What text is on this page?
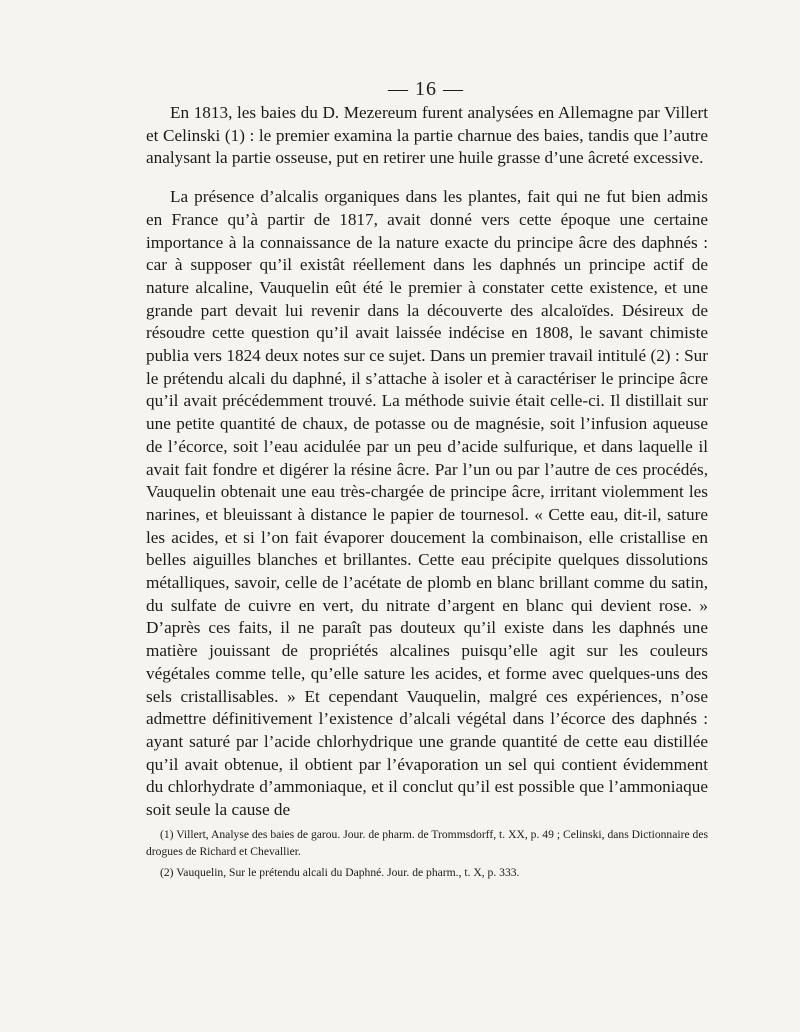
— 16 —

En 1813, les baies du D. Mezereum furent analysées en Allemagne par Villert et Celinski (1) : le premier examina la partie charnue des baies, tandis que l’autre analysant la partie osseuse, put en retirer une huile grasse d’une âcreté excessive.

La présence d’alcalis organiques dans les plantes, fait qui ne fut bien admis en France qu’à partir de 1817, avait donné vers cette époque une certaine importance à la connaissance de la nature exacte du principe âcre des daphnés : car à supposer qu’il existât réellement dans les daphnés un principe actif de nature alcaline, Vauquelin eût été le premier à constater cette existence, et une grande part devait lui revenir dans la découverte des alcaloïdes. Désireux de résoudre cette question qu’il avait laissée indécise en 1808, le savant chimiste publia vers 1824 deux notes sur ce sujet. Dans un premier travail intitulé (2) : Sur le prétendu alcali du daphné, il s’attache à isoler et à caractériser le principe âcre qu’il avait précédemment trouvé. La méthode suivie était celle-ci. Il distillait sur une petite quantité de chaux, de potasse ou de magnésie, soit l’infusion aqueuse de l’écorce, soit l’eau acidulée par un peu d’acide sulfurique, et dans laquelle il avait fait fondre et digérer la résine âcre. Par l’un ou par l’autre de ces procédés, Vauquelin obtenait une eau très-chargée de principe âcre, irritant violemment les narines, et bleuissant à distance le papier de tournesol. « Cette eau, dit-il, sature les acides, et si l’on fait évaporer doucement la combinaison, elle cristallise en belles aiguilles blanches et brillantes. Cette eau précipite quelques dissolutions métalliques, savoir, celle de l’acétate de plomb en blanc brillant comme du satin, du sulfate de cuivre en vert, du nitrate d’argent en blanc qui devient rose. » D’après ces faits, il ne paraît pas douteux qu’il existe dans les daphnés une matière jouissant de propriétés alcalines puisqu’elle agit sur les couleurs végétales comme telle, qu’elle sature les acides, et forme avec quelques-uns des sels cristallisables. » Et cependant Vauquelin, malgré ces expériences, n’ose admettre définitivement l’existence d’alcali végétal dans l’écorce des daphnés : ayant saturé par l’acide chlorhydrique une grande quantité de cette eau distillée qu’il avait obtenue, il obtient par l’évaporation un sel qui contient évidemment du chlorhydrate d’ammoniaque, et il conclut qu’il est possible que l’ammoniaque soit seule la cause de

(1) Villert, Analyse des baies de garou. Jour. de pharm. de Trommsdorff, t. XX, p. 49 ; Celinski, dans Dictionnaire des drogues de Richard et Chevallier.

(2) Vauquelin, Sur le prétendu alcali du Daphné. Jour. de pharm., t. X, p. 333.
